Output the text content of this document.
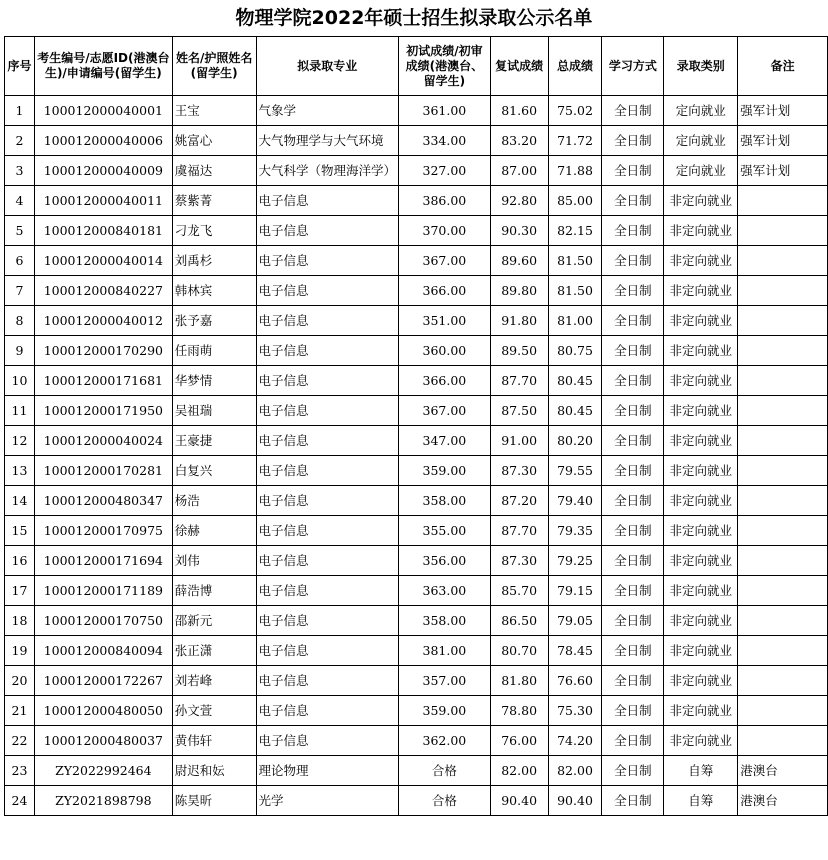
物理学院2022年硕士招生拟录取公示名单
序号	考生编号/志愿ID(港澳台生)/申请编号(留学生)	姓名/护照姓名(留学生)	拟录取专业	初试成绩/初审成绩(港澳台、留学生)	复试成绩	总成绩	学习方式	录取类别	备注
1	100012000040001	王宝	气象学	361.00	81.60	75.02	全日制	定向就业	强军计划
2	100012000040006	姚富心	大气物理学与大气环境	334.00	83.20	71.72	全日制	定向就业	强军计划
3	100012000040009	虞福达	大气科学（物理海洋学）	327.00	87.00	71.88	全日制	定向就业	强军计划
4	100012000040011	蔡紫菁	电子信息	386.00	92.80	85.00	全日制	非定向就业	
5	100012000840181	刁龙飞	电子信息	370.00	90.30	82.15	全日制	非定向就业	
6	100012000040014	刘禹杉	电子信息	367.00	89.60	81.50	全日制	非定向就业	
7	100012000840227	韩林宾	电子信息	366.00	89.80	81.50	全日制	非定向就业	
8	100012000040012	张予嘉	电子信息	351.00	91.80	81.00	全日制	非定向就业	
9	100012000170290	任雨萌	电子信息	360.00	89.50	80.75	全日制	非定向就业	
10	100012000171681	华梦情	电子信息	366.00	87.70	80.45	全日制	非定向就业	
11	100012000171950	吴祖瑞	电子信息	367.00	87.50	80.45	全日制	非定向就业	
12	100012000040024	王豪捷	电子信息	347.00	91.00	80.20	全日制	非定向就业	
13	100012000170281	白复兴	电子信息	359.00	87.30	79.55	全日制	非定向就业	
14	100012000480347	杨浩	电子信息	358.00	87.20	79.40	全日制	非定向就业	
15	100012000170975	徐赫	电子信息	355.00	87.70	79.35	全日制	非定向就业	
16	100012000171694	刘伟	电子信息	356.00	87.30	79.25	全日制	非定向就业	
17	100012000171189	薛浩博	电子信息	363.00	85.70	79.15	全日制	非定向就业	
18	100012000170750	邵新元	电子信息	358.00	86.50	79.05	全日制	非定向就业	
19	100012000840094	张正潇	电子信息	381.00	80.70	78.45	全日制	非定向就业	
20	100012000172267	刘若峰	电子信息	357.00	81.80	76.60	全日制	非定向就业	
21	100012000480050	孙文萱	电子信息	359.00	78.80	75.30	全日制	非定向就业	
22	100012000480037	黄伟轩	电子信息	362.00	76.00	74.20	全日制	非定向就业	
23	ZY2022992464	尉迟和妘	理论物理	合格	82.00	82.00	全日制	自筹	港澳台
24	ZY2021898798	陈昊昕	光学	合格	90.40	90.40	全日制	自筹	港澳台
